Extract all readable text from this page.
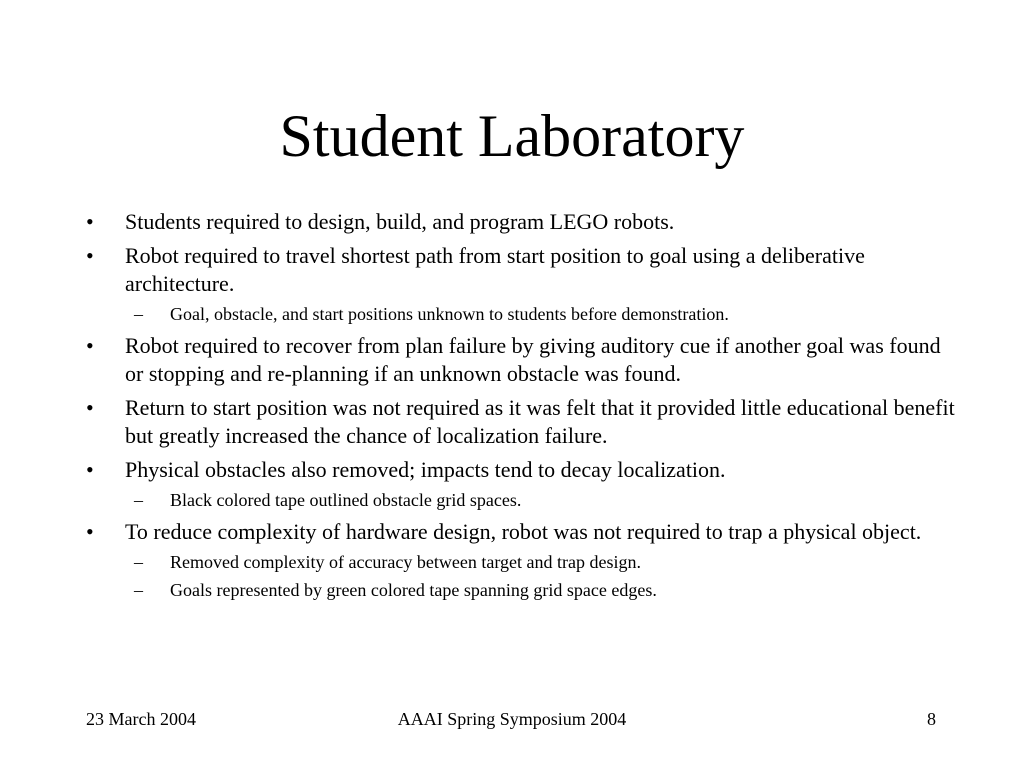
Student Laboratory
•	Students required to design, build, and program LEGO robots.
•	Robot required to travel shortest path from start position to goal using a deliberative architecture.
–	Goal, obstacle, and start positions unknown to students before demonstration.
•	Robot required to recover from plan failure by giving auditory cue if another goal was found or stopping and re-planning if an unknown obstacle was found.
•	Return to start position was not required as it was felt that it provided little educational benefit but greatly increased the chance of localization failure.
•	Physical obstacles also removed; impacts tend to decay localization.
–	Black colored tape outlined obstacle grid spaces.
•	To reduce complexity of hardware design, robot was not required to trap a physical object.
–	Removed complexity of accuracy between target and trap design.
–	Goals represented by green colored tape spanning grid space edges.
23 March 2004	AAAI Spring Symposium 2004	8
